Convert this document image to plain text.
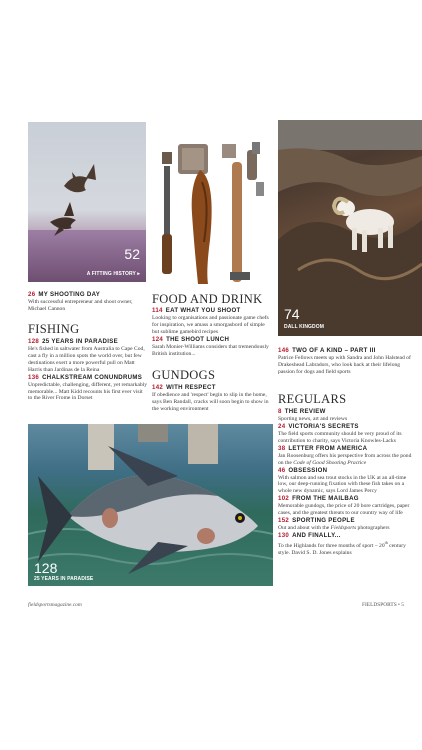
52
A FITTING HISTORY ▸
74
DALL KINGDOM
128
25 YEARS IN PARADISE
26 MY SHOOTING DAY
With successful entrepreneur and shoot owner, Michael Cannon
FISHING
128 25 YEARS IN PARADISE
He's fished in saltwater from Australia to Cape Cod, cast a fly in a million spots the world over, but few destinations exert a more powerful pull on Matt Harris than Jardinas de la Reina
136 CHALKSTREAM CONUNDRUMS
Unpredictable, challenging, different, yet remarkably memorable... Matt Kidd recounts his first ever visit to the River Frome in Dorset
FOOD AND DRINK
114 EAT WHAT YOU SHOOT
Looking to organisations and passionate game chefs for inspiration, we amass a smorgasbord of simple but sublime gamebird recipes
124 THE SHOOT LUNCH
Sarah Monier-Williams considers that tremendously British institution...
GUNDOGS
142 WITH RESPECT
If obedience and 'respect' begin to slip in the home, says Ben Randall, cracks will soon begin to show in the working environment
146 TWO OF A KIND – PART III
Patrice Fellows meets up with Sandra and John Halstead of Drakeshead Labradors, who look back at their lifelong passion for dogs and field sports
REGULARS
8 THE REVIEW
Sporting news, art and reviews
24 VICTORIA'S SECRETS
The field sports community should be very proud of its contribution to charity, says Victoria Knowles-Lacks
38 LETTER FROM AMERICA
Jan Roosenburg offers his perspective from across the pond on the Code of Good Shooting Practice
46 OBSESSION
With salmon and sea trout stocks in the UK at an all-time low, our deep-running fixation with these fish takes on a whole new dynamic, says Lord James Percy
102 FROM THE MAILBAG
Memorable gundogs, the price of 20 bore cartridges, paper cases, and the greatest threats to our country way of life
152 SPORTING PEOPLE
Out and about with the Fieldsports photographers
130 AND FINALLY...
To the Highlands for three months of sport – 20th century style. David S. D. Jones explains
fieldsportsmagazine.com	FIELDSPORTS • 5
